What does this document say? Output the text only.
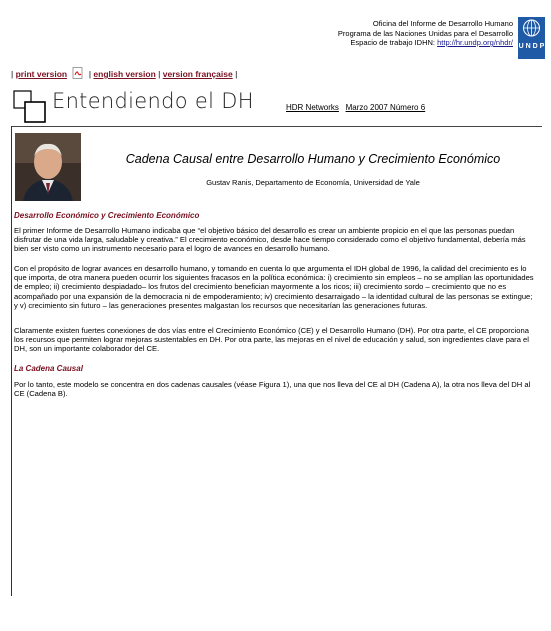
Oficina del Informe de Desarrollo Humano
Programa de las Naciones Unidas para el Desarrollo
Espacio de trabajo IDHN: http://hr.undp.org/nhdr/ U N D P
| print version	| english version | version française |
Entendiendo el DH	HDR Networks Marzo 2007 Número 6
Cadena Causal entre Desarrollo Humano y Crecimiento Económico
Gustav Ranis, Departamento de Economía, Universidad de Yale
Desarrollo Económico y Crecimiento Económico
El primer Informe de Desarrollo Humano indicaba que “el objetivo básico del desarrollo es crear un ambiente propicio en el que las personas puedan disfrutar de una vida larga, saludable y creativa.” El crecimiento económico, desde hace tiempo considerado como el objetivo fundamental, debería más bien ser visto como un instrumento necesario para el logro de avances en desarrollo humano.
Con el propósito de lograr avances en desarrollo humano, y tomando en cuenta lo que argumenta el IDH global de 1996, la calidad del crecimiento es lo que importa, de otra manera pueden ocurrir los siguientes fracasos en la política económica: i) crecimiento sin empleos – no se amplían las oportunidades de empleo; ii) crecimiento despiadado– los frutos del crecimiento benefician mayormente a los ricos; iii) crecimiento sordo – crecimiento que no es acompañado por una expansión de la democracia ni de empoderamiento; iv) crecimiento desarraigado – la identidad cultural de las personas se extingue; y v) crecimiento sin futuro – las generaciones presentes malgastan los recursos que necesitarían las generaciones futuras.
Claramente existen fuertes conexiones de dos vías entre el Crecimiento Económico (CE) y el Desarrollo Humano (DH). Por otra parte, el CE proporciona los recursos que permiten lograr mejoras sustentables en DH. Por otra parte, las mejoras en el nivel de educación y salud, son ingredientes clave para el DH, son un importante colaborador del CE.
La Cadena Causal
Por lo tanto, este modelo se concentra en dos cadenas causales (véase Figura 1), una que nos lleva del CE al DH (Cadena A), la otra nos lleva del DH al CE (Cadena B).
